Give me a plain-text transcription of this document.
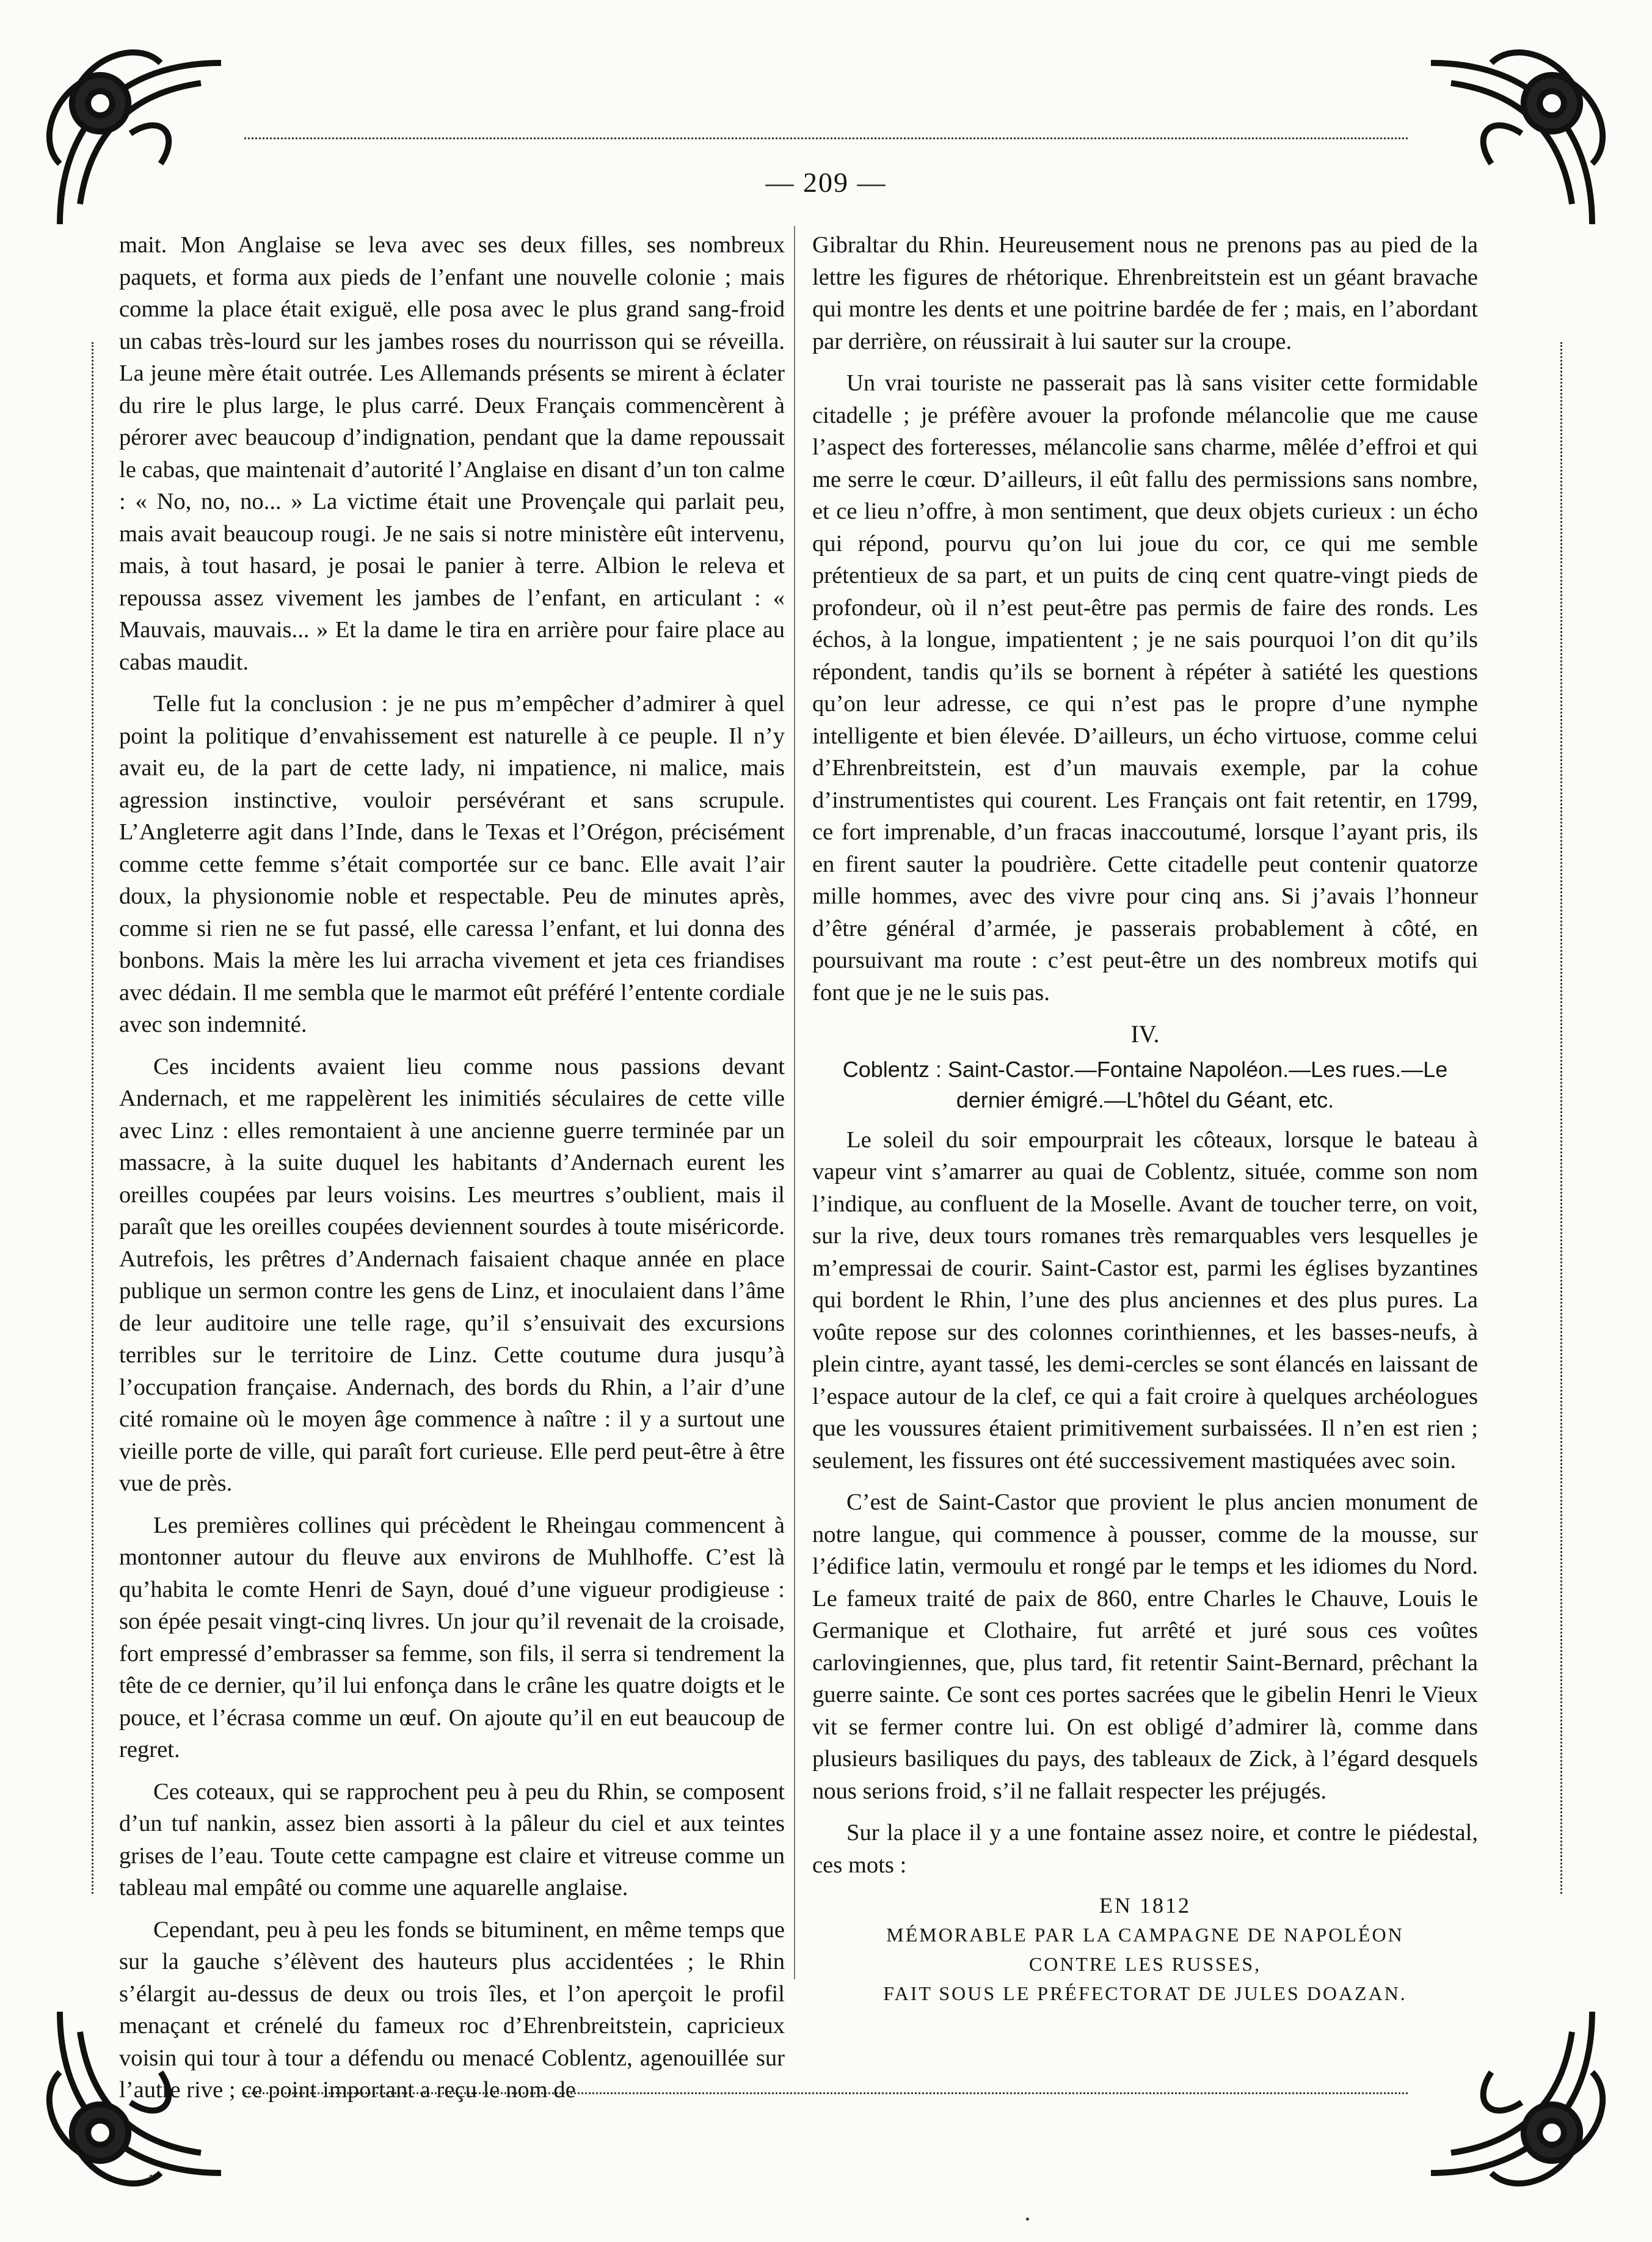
— 209 —

mait. Mon Anglaise se leva avec ses deux filles, ses nombreux paquets, et forma aux pieds de l’enfant une nouvelle colonie ; mais comme la place était exiguë, elle posa avec le plus grand sang-froid un cabas très-lourd sur les jambes roses du nourrisson qui se réveilla. La jeune mère était outrée. Les Allemands présents se mirent à éclater du rire le plus large, le plus carré. Deux Français commencèrent à pérorer avec beaucoup d’indignation, pendant que la dame repoussait le cabas, que maintenait d’autorité l’Anglaise en disant d’un ton calme : « No, no, no... » La victime était une Provençale qui parlait peu, mais avait beaucoup rougi. Je ne sais si notre ministère eût intervenu, mais, à tout hasard, je posai le panier à terre. Albion le releva et repoussa assez vivement les jambes de l’enfant, en articulant : « Mauvais, mauvais... » Et la dame le tira en arrière pour faire place au cabas maudit.

Telle fut la conclusion : je ne pus m’empêcher d’admirer à quel point la politique d’envahissement est naturelle à ce peuple. Il n’y avait eu, de la part de cette lady, ni impatience, ni malice, mais agression instinctive, vouloir persévérant et sans scrupule. L’Angleterre agit dans l’Inde, dans le Texas et l’Orégon, précisément comme cette femme s’était comportée sur ce banc. Elle avait l’air doux, la physionomie noble et respectable. Peu de minutes après, comme si rien ne se fut passé, elle caressa l’enfant, et lui donna des bonbons. Mais la mère les lui arracha vivement et jeta ces friandises avec dédain. Il me sembla que le marmot eût préféré l’entente cordiale avec son indemnité.

Ces incidents avaient lieu comme nous passions devant Andernach, et me rappelèrent les inimitiés séculaires de cette ville avec Linz : elles remontaient à une ancienne guerre terminée par un massacre, à la suite duquel les habitants d’Andernach eurent les oreilles coupées par leurs voisins. Les meurtres s’oublient, mais il paraît que les oreilles coupées deviennent sourdes à toute miséricorde. Autrefois, les prêtres d’Andernach faisaient chaque année en place publique un sermon contre les gens de Linz, et inoculaient dans l’âme de leur auditoire une telle rage, qu’il s’ensuivait des excursions terribles sur le territoire de Linz. Cette coutume dura jusqu’à l’occupation française. Andernach, des bords du Rhin, a l’air d’une cité romaine où le moyen âge commence à naître : il y a surtout une vieille porte de ville, qui paraît fort curieuse. Elle perd peut-être à être vue de près.

Les premières collines qui précèdent le Rheingau commencent à montonner autour du fleuve aux environs de Muhlhoffe. C’est là qu’habita le comte Henri de Sayn, doué d’une vigueur prodigieuse : son épée pesait vingt-cinq livres. Un jour qu’il revenait de la croisade, fort empressé d’embrasser sa femme, son fils, il serra si tendrement la tête de ce dernier, qu’il lui enfonça dans le crâne les quatre doigts et le pouce, et l’écrasa comme un œuf. On ajoute qu’il en eut beaucoup de regret.

Ces coteaux, qui se rapprochent peu à peu du Rhin, se composent d’un tuf nankin, assez bien assorti à la pâleur du ciel et aux teintes grises de l’eau. Toute cette campagne est claire et vitreuse comme un tableau mal empâté ou comme une aquarelle anglaise.

Cependant, peu à peu les fonds se bituminent, en même temps que sur la gauche s’élèvent des hauteurs plus accidentées ; le Rhin s’élargit au-dessus de deux ou trois îles, et l’on aperçoit le profil menaçant et crénelé du fameux roc d’Ehrenbreitstein, capricieux voisin qui tour à tour a défendu ou menacé Coblentz, agenouillée sur l’autre rive ; ce point important a reçu le nom de

Gibraltar du Rhin. Heureusement nous ne prenons pas au pied de la lettre les figures de rhétorique. Ehrenbreitstein est un géant bravache qui montre les dents et une poitrine bardée de fer ; mais, en l’abordant par derrière, on réussirait à lui sauter sur la croupe.

Un vrai touriste ne passerait pas là sans visiter cette formidable citadelle ; je préfère avouer la profonde mélancolie que me cause l’aspect des forteresses, mélancolie sans charme, mêlée d’effroi et qui me serre le cœur. D’ailleurs, il eût fallu des permissions sans nombre, et ce lieu n’offre, à mon sentiment, que deux objets curieux : un écho qui répond, pourvu qu’on lui joue du cor, ce qui me semble prétentieux de sa part, et un puits de cinq cent quatre-vingt pieds de profondeur, où il n’est peut-être pas permis de faire des ronds. Les échos, à la longue, impatientent ; je ne sais pourquoi l’on dit qu’ils répondent, tandis qu’ils se bornent à répéter à satiété les questions qu’on leur adresse, ce qui n’est pas le propre d’une nymphe intelligente et bien élevée. D’ailleurs, un écho virtuose, comme celui d’Ehrenbreitstein, est d’un mauvais exemple, par la cohue d’instrumentistes qui courent. Les Français ont fait retentir, en 1799, ce fort imprenable, d’un fracas inaccoutumé, lorsque l’ayant pris, ils en firent sauter la poudrière. Cette citadelle peut contenir quatorze mille hommes, avec des vivre pour cinq ans. Si j’avais l’honneur d’être général d’armée, je passerais probablement à côté, en poursuivant ma route : c’est peut-être un des nombreux motifs qui font que je ne le suis pas.

IV.
Coblentz : Saint-Castor.—Fontaine Napoléon.—Les rues.—Le dernier émigré.—L’hôtel du Géant, etc.

Le soleil du soir empourprait les côteaux, lorsque le bateau à vapeur vint s’amarrer au quai de Coblentz, située, comme son nom l’indique, au confluent de la Moselle. Avant de toucher terre, on voit, sur la rive, deux tours romanes très remarquables vers lesquelles je m’empressai de courir. Saint-Castor est, parmi les églises byzantines qui bordent le Rhin, l’une des plus anciennes et des plus pures. La voûte repose sur des colonnes corinthiennes, et les basses-neufs, à plein cintre, ayant tassé, les demi-cercles se sont élancés en laissant de l’espace autour de la clef, ce qui a fait croire à quelques archéologues que les voussures étaient primitivement surbaissées. Il n’en est rien ; seulement, les fissures ont été successivement mastiquées avec soin.

C’est de Saint-Castor que provient le plus ancien monument de notre langue, qui commence à pousser, comme de la mousse, sur l’édifice latin, vermoulu et rongé par le temps et les idiomes du Nord. Le fameux traité de paix de 860, entre Charles le Chauve, Louis le Germanique et Clothaire, fut arrêté et juré sous ces voûtes carlovingiennes, que, plus tard, fit retentir Saint-Bernard, prêchant la guerre sainte. Ce sont ces portes sacrées que le gibelin Henri le Vieux vit se fermer contre lui. On est obligé d’admirer là, comme dans plusieurs basiliques du pays, des tableaux de Zick, à l’égard desquels nous serions froid, s’il ne fallait respecter les préjugés.

Sur la place il y a une fontaine assez noire, et contre le piédestal, ces mots :

EN 1812
MÉMORABLE PAR LA CAMPAGNE DE NAPOLÉON
CONTRE LES RUSSES,
FAIT SOUS LE PRÉFECTORAT DE JULES DOAZAN.
